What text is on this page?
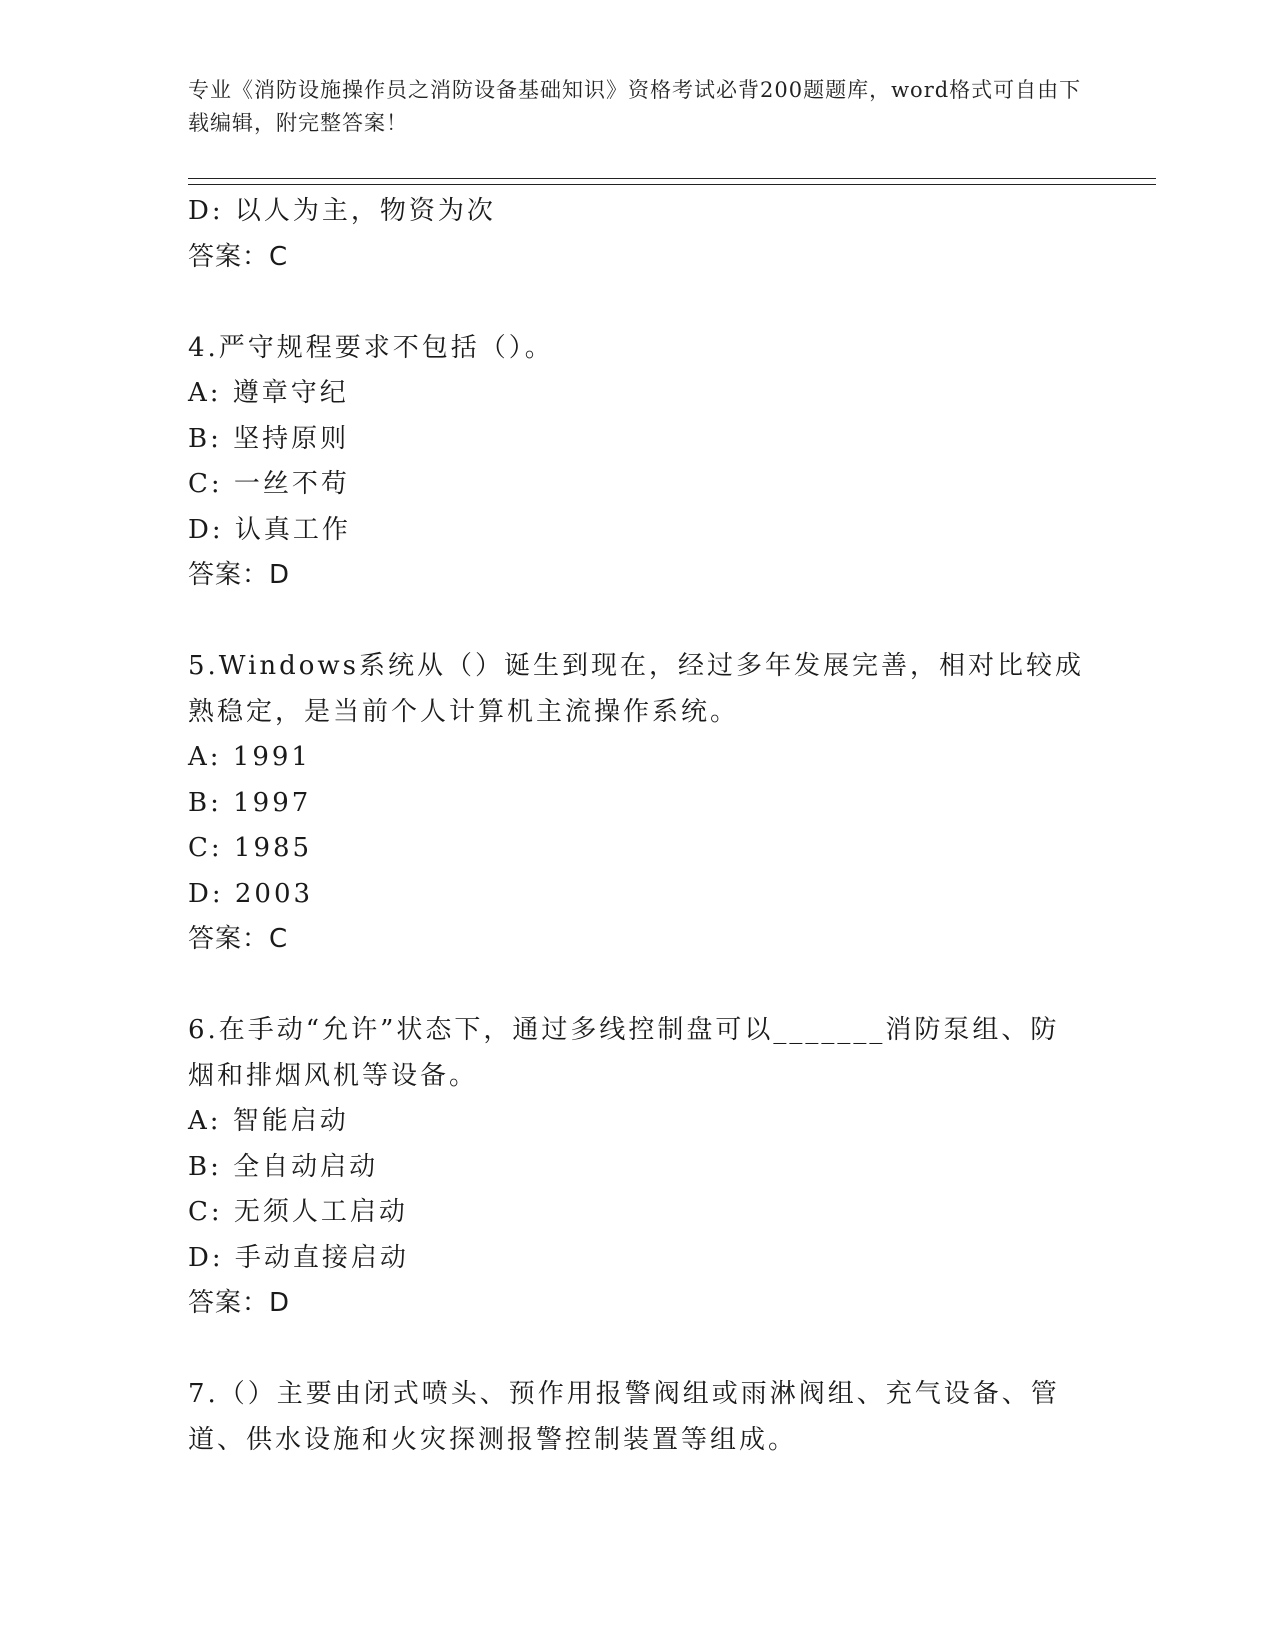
专业《消防设施操作员之消防设备基础知识》资格考试必背200题题库，word格式可自由下载编辑，附完整答案！
D: 以人为主，物资为次
答案：C
4.严守规程要求不包括（）。
A: 遵章守纪
B: 坚持原则
C: 一丝不苟
D: 认真工作
答案：D
5.Windows系统从（）诞生到现在，经过多年发展完善，相对比较成熟稳定，是当前个人计算机主流操作系统。
A: 1991
B: 1997
C: 1985
D: 2003
答案：C
6.在手动“允许”状态下，通过多线控制盘可以_______消防泵组、防烟和排烟风机等设备。
A: 智能启动
B: 全自动启动
C: 无须人工启动
D: 手动直接启动
答案：D
7.（）主要由闭式喷头、预作用报警阀组或雨淋阀组、充气设备、管道、供水设施和火灾探测报警控制装置等组成。
